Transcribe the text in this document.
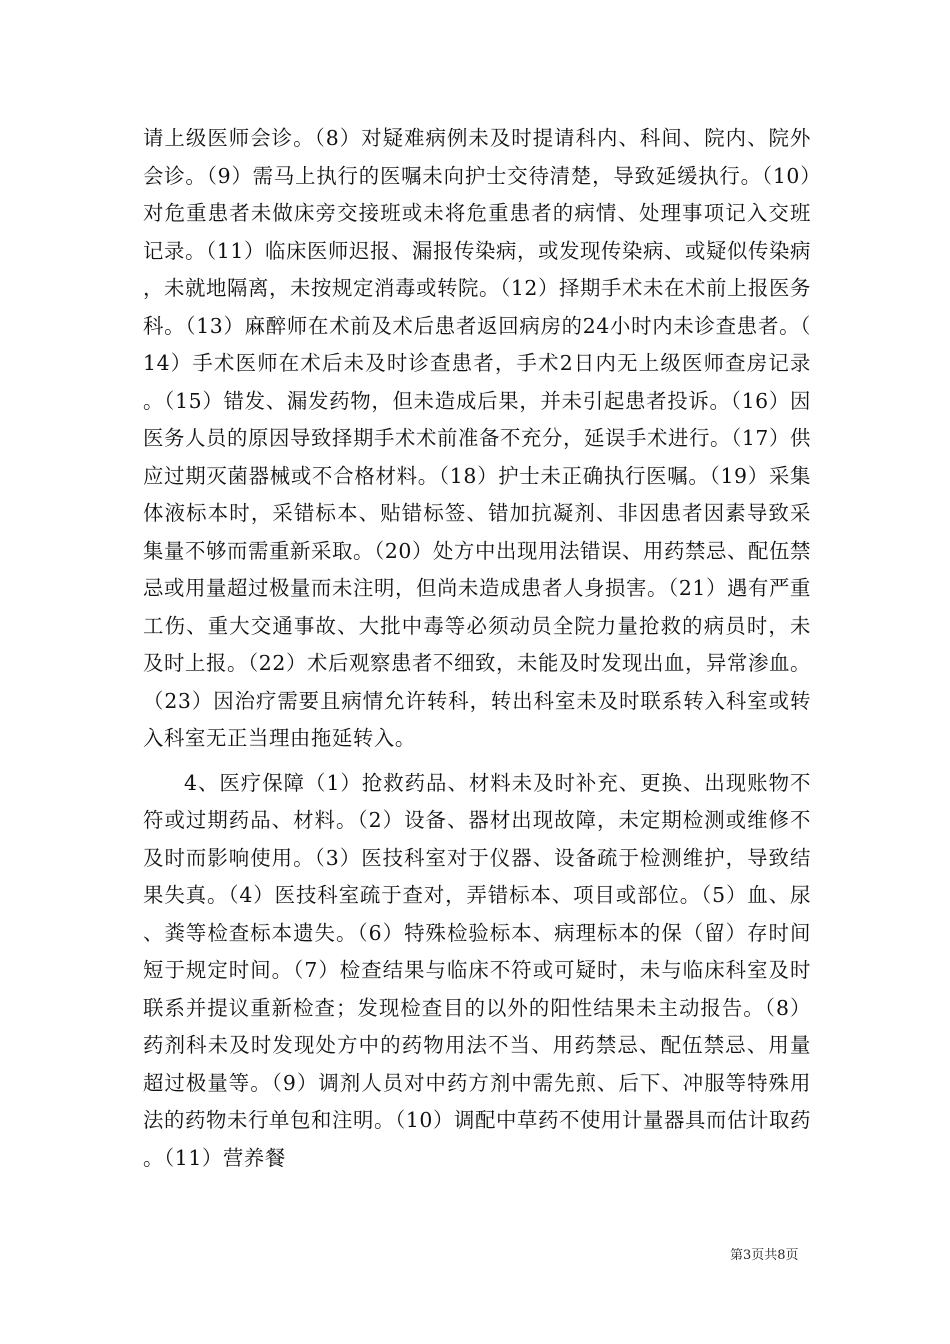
请上级医师会诊。（8）对疑难病例未及时提请科内、科间、院内、院外会诊。（9）需马上执行的医嘱未向护士交待清楚，导致延缓执行。（10）对危重患者未做床旁交接班或未将危重患者的病情、处理事项记入交班记录。（11）临床医师迟报、漏报传染病，或发现传染病、或疑似传染病，未就地隔离，未按规定消毒或转院。（12）择期手术未在术前上报医务科。（13）麻醉师在术前及术后患者返回病房的24小时内未诊查患者。（14）手术医师在术后未及时诊查患者，手术2日内无上级医师查房记录。（15）错发、漏发药物，但未造成后果，并未引起患者投诉。（16）因医务人员的原因导致择期手术术前准备不充分，延误手术进行。（17）供应过期灭菌器械或不合格材料。（18）护士未正确执行医嘱。（19）采集体液标本时，采错标本、贴错标签、错加抗凝剂、非因患者因素导致采集量不够而需重新采取。（20）处方中出现用法错误、用药禁忌、配伍禁忌或用量超过极量而未注明，但尚未造成患者人身损害。（21）遇有严重工伤、重大交通事故、大批中毒等必须动员全院力量抢救的病员时，未及时上报。（22）术后观察患者不细致，未能及时发现出血，异常渗血。（23）因治疗需要且病情允许转科，转出科室未及时联系转入科室或转入科室无正当理由拖延转入。

4、医疗保障（1）抢救药品、材料未及时补充、更换、出现账物不符或过期药品、材料。（2）设备、器材出现故障，未定期检测或维修不及时而影响使用。（3）医技科室对于仪器、设备疏于检测维护，导致结果失真。（4）医技科室疏于查对，弄错标本、项目或部位。（5）血、尿、粪等检查标本遗失。（6）特殊检验标本、病理标本的保（留）存时间短于规定时间。（7）检查结果与临床不符或可疑时，未与临床科室及时联系并提议重新检查；发现检查目的以外的阳性结果未主动报告。（8）药剂科未及时发现处方中的药物用法不当、用药禁忌、配伍禁忌、用量超过极量等。（9）调剂人员对中药方剂中需先煎、后下、冲服等特殊用法的药物未行单包和注明。（10）调配中草药不使用计量器具而估计取药。（11）营养餐

第3页共8页
